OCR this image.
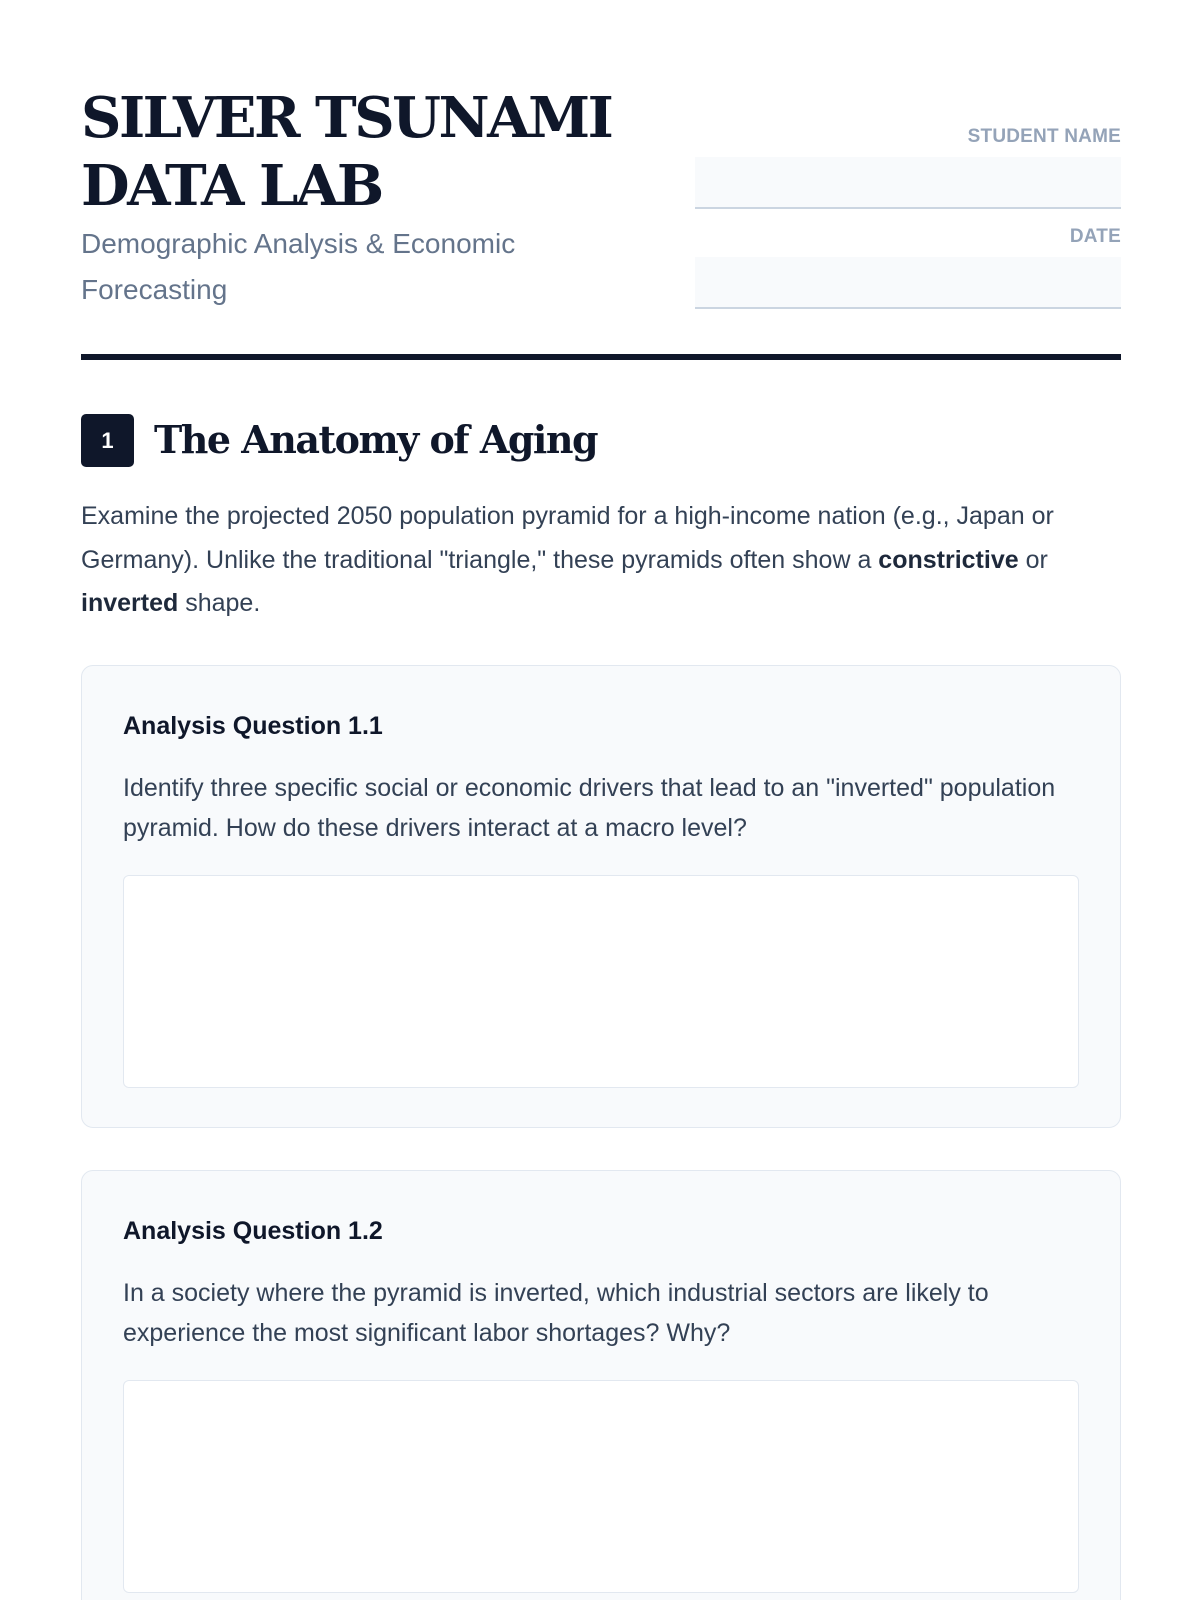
SILVER TSUNAMI
DATA LAB
Demographic Analysis & Economic
Forecasting
STUDENT NAME
DATE
1	The Anatomy of Aging

Examine the projected 2050 population pyramid for a high-income nation (e.g., Japan or Germany). Unlike the traditional "triangle," these pyramids often show a constrictive or inverted shape.

Analysis Question 1.1

Identify three specific social or economic drivers that lead to an "inverted" population pyramid. How do these drivers interact at a macro level?

Analysis Question 1.2

In a society where the pyramid is inverted, which industrial sectors are likely to experience the most significant labor shortages? Why?
